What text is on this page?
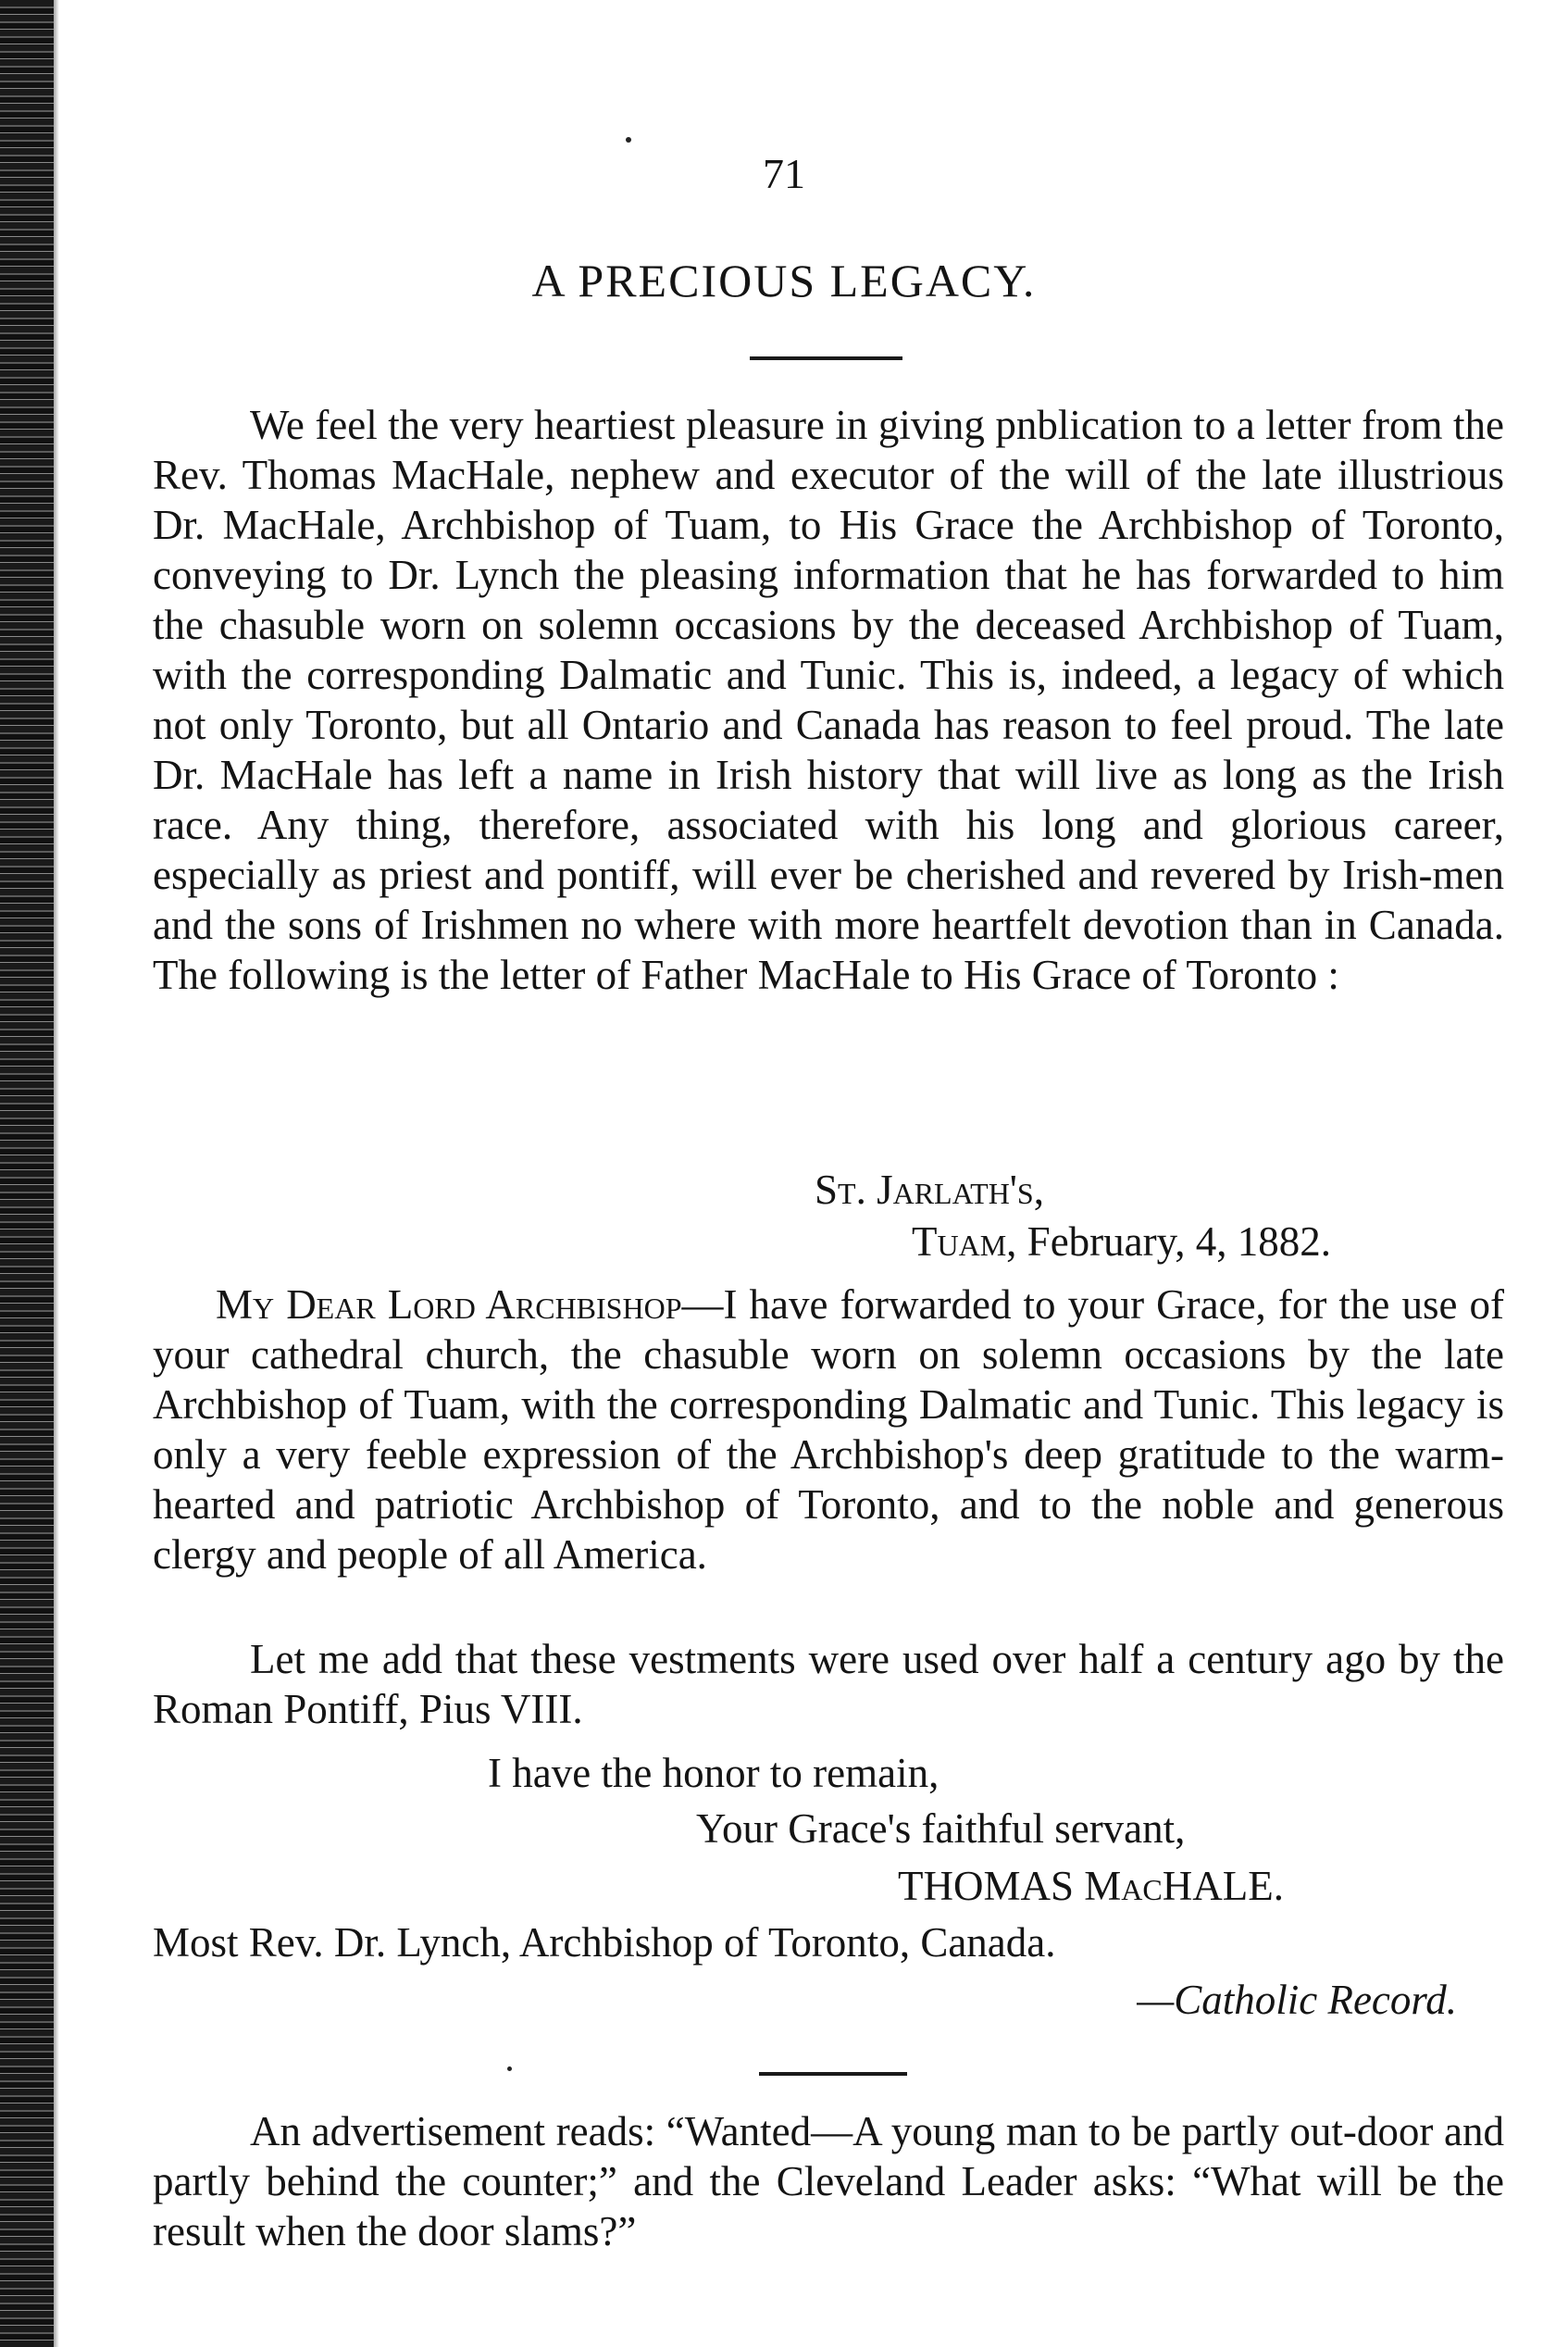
71
A PRECIOUS LEGACY.
We feel the very heartiest pleasure in giving pnblication to a letter from the Rev. Thomas MacHale, nephew and executor of the will of the late illustrious Dr. MacHale, Archbishop of Tuam, to His Grace the Archbishop of Toronto, conveying to Dr. Lynch the pleasing information that he has forwarded to him the chasuble worn on solemn occasions by the deceased Archbishop of Tuam, with the corresponding Dalmatic and Tunic. This is, indeed, a legacy of which not only Toronto, but all Ontario and Canada has reason to feel proud. The late Dr. MacHale has left a name in Irish history that will live as long as the Irish race. Any thing, therefore, associated with his long and glorious career, especially as priest and pontiff, will ever be cherished and revered by Irish-men and the sons of Irishmen no where with more heartfelt devotion than in Canada. The following is the letter of Father MacHale to His Grace of Toronto :
St. Jarlath's,
Tuam, February, 4, 1882.
My Dear Lord Archbishop—I have forwarded to your Grace, for the use of your cathedral church, the chasuble worn on solemn occasions by the late Archbishop of Tuam, with the corresponding Dalmatic and Tunic. This legacy is only a very feeble expression of the Archbishop's deep gratitude to the warm-hearted and patriotic Archbishop of Toronto, and to the noble and generous clergy and people of all America.
Let me add that these vestments were used over half a century ago by the Roman Pontiff, Pius VIII.
I have the honor to remain,
Your Grace's faithful servant,
THOMAS MacHALE.
Most Rev. Dr. Lynch, Archbishop of Toronto, Canada.
—Catholic Record.
An advertisement reads: “Wanted—A young man to be partly out-door and partly behind the counter;” and the Cleveland Leader asks: “What will be the result when the door slams?”
